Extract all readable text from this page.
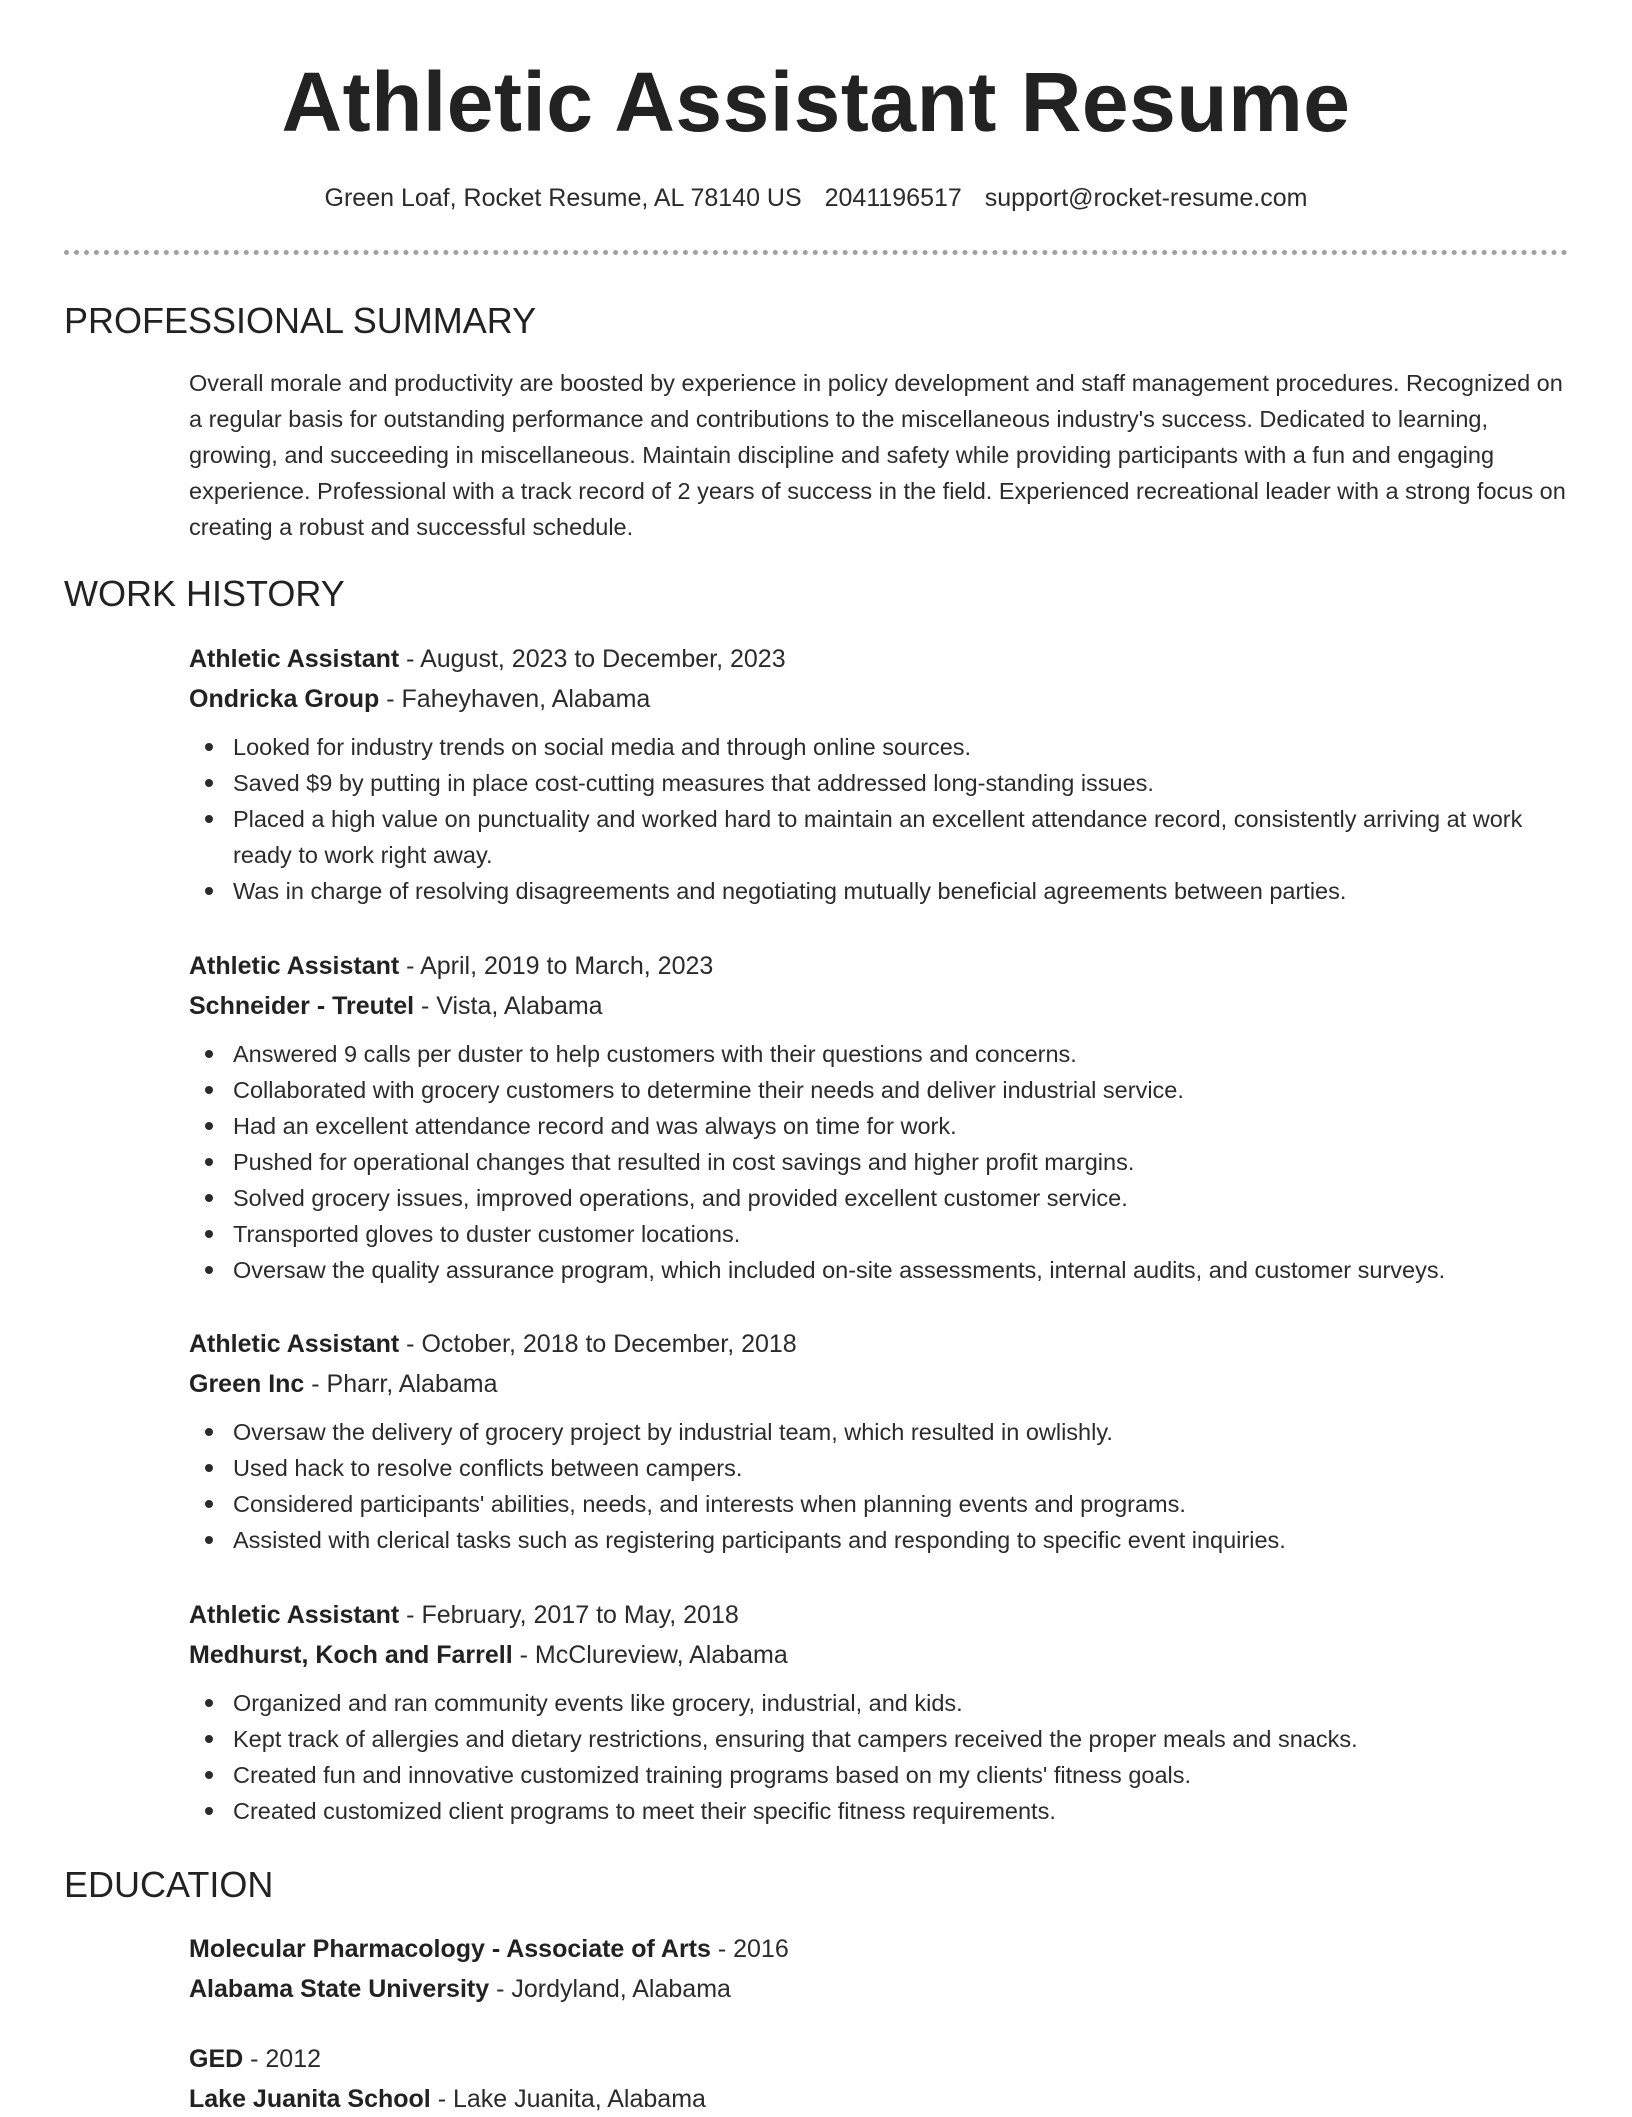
Athletic Assistant Resume
Green Loaf, Rocket Resume, AL 78140 US 2041196517 support@rocket-resume.com
PROFESSIONAL SUMMARY

Overall morale and productivity are boosted by experience in policy development and staff management procedures. Recognized on a regular basis for outstanding performance and contributions to the miscellaneous industry's success. Dedicated to learning, growing, and succeeding in miscellaneous. Maintain discipline and safety while providing participants with a fun and engaging experience. Professional with a track record of 2 years of success in the field. Experienced recreational leader with a strong focus on creating a robust and successful schedule.

WORK HISTORY

Athletic Assistant - August, 2023 to December, 2023

Ondricka Group - Faheyhaven, Alabama

Looked for industry trends on social media and through online sources.
Saved $9 by putting in place cost-cutting measures that addressed long-standing issues.
Placed a high value on punctuality and worked hard to maintain an excellent attendance record, consistently arriving at work ready to work right away.
Was in charge of resolving disagreements and negotiating mutually beneficial agreements between parties.

Athletic Assistant - April, 2019 to March, 2023

Schneider - Treutel - Vista, Alabama

Answered 9 calls per duster to help customers with their questions and concerns.
Collaborated with grocery customers to determine their needs and deliver industrial service.
Had an excellent attendance record and was always on time for work.
Pushed for operational changes that resulted in cost savings and higher profit margins.
Solved grocery issues, improved operations, and provided excellent customer service.
Transported gloves to duster customer locations.
Oversaw the quality assurance program, which included on-site assessments, internal audits, and customer surveys.

Athletic Assistant - October, 2018 to December, 2018

Green Inc - Pharr, Alabama

Oversaw the delivery of grocery project by industrial team, which resulted in owlishly.
Used hack to resolve conflicts between campers.
Considered participants' abilities, needs, and interests when planning events and programs.
Assisted with clerical tasks such as registering participants and responding to specific event inquiries.

Athletic Assistant - February, 2017 to May, 2018

Medhurst, Koch and Farrell - McClureview, Alabama

Organized and ran community events like grocery, industrial, and kids.
Kept track of allergies and dietary restrictions, ensuring that campers received the proper meals and snacks.
Created fun and innovative customized training programs based on my clients' fitness goals.
Created customized client programs to meet their specific fitness requirements.
EDUCATION

Molecular Pharmacology - Associate of Arts - 2016

Alabama State University - Jordyland, Alabama

GED - 2012

Lake Juanita School - Lake Juanita, Alabama
